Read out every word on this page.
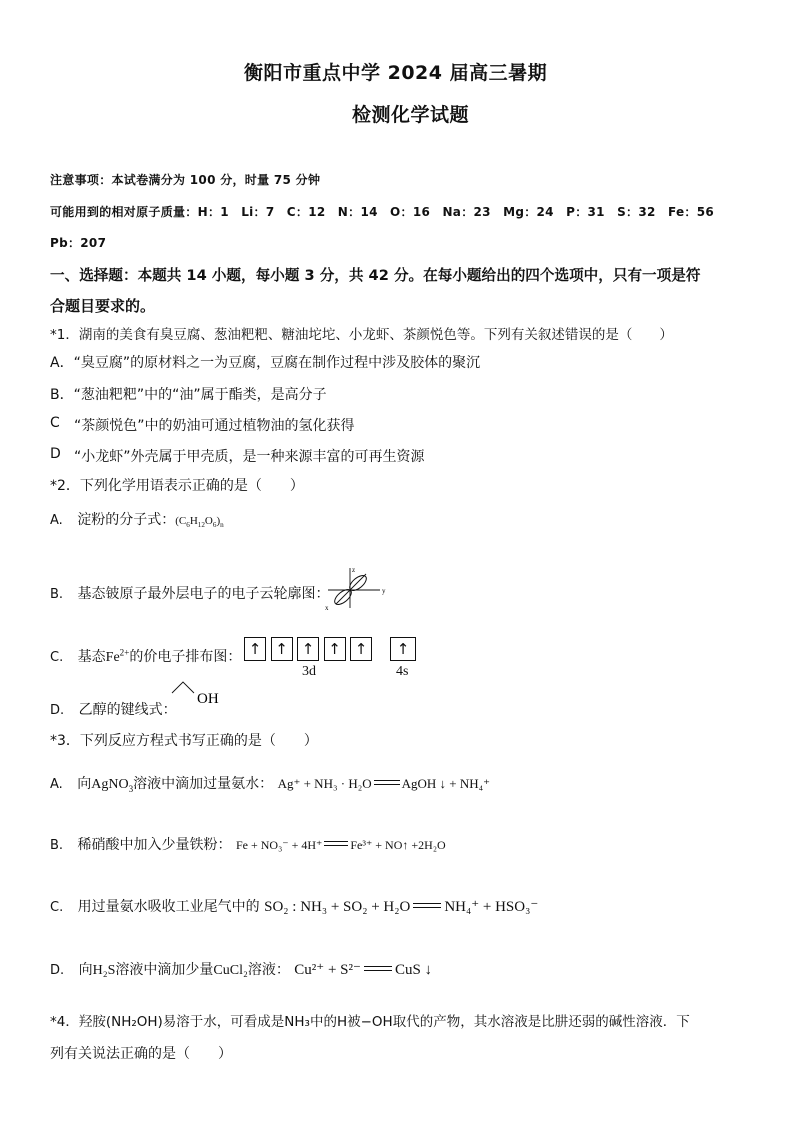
衡阳市重点中学 2024 届高三暑期
检测化学试题
注意事项：本试卷满分为 100 分，时量 75 分钟
可能用到的相对原子质量：H：1　Li：7　C：12　N：14　O：16　Na：23　Mg：24　P：31　S：32　Fe：56
Pb：207
一、选择题：本题共 14 小题，每小题 3 分，共 42 分。在每小题给出的四个选项中，只有一项是符
合题目要求的。
*1．湖南的美食有臭豆腐、葱油粑粑、糖油坨坨、小龙虾、茶颜悦色等。下列有关叙述错误的是（　　）
A．“臭豆腐”的原材料之一为豆腐，豆腐在制作过程中涉及胶体的聚沉
B．“葱油粑粑”中的“油”属于酯类，是高分子
C “茶颜悦色”中的奶油可通过植物油的氢化获得
D “小龙虾”外壳属于甲壳质，是一种来源丰富的可再生资源
*2．下列化学用语表示正确的是（　　）
A. 淀粉的分子式：$(C_6H_{12}O_6)_n$
B. 基态铍原子最外层电子的电子云轮廓图：
z
y
x
C. 基态$Fe^{2+}$的价电子排布图： ↑ ↑ ↑ ↑ ↑	↑
3d	4s
D. 乙醇的键线式：
OH
*3．下列反应方程式书写正确的是（　　）
A. 向AgNO$_3$溶液中滴加过量氨水： Ag⁺ + NH₃ · H₂O AgOH ↓ + NH₄⁺
B. 稀硝酸中加入少量铁粉： Fe + NO₃⁻ + 4H⁺ Fe³⁺ + NO↑ +2H₂O
C. 用过量氨水吸收工业尾气中的 SO₂ : NH₃ + SO₂ + H₂O NH₄⁺ + HSO₃⁻
D. 向H₂S溶液中滴加少量CuCl₂溶液： Cu²⁺ + S²⁻ CuS ↓
*4．羟胺(NH₂OH)易溶于水，可看成是NH₃中的H被−OH取代的产物，其水溶液是比肼还弱的碱性溶液．下
列有关说法正确的是（　　）
